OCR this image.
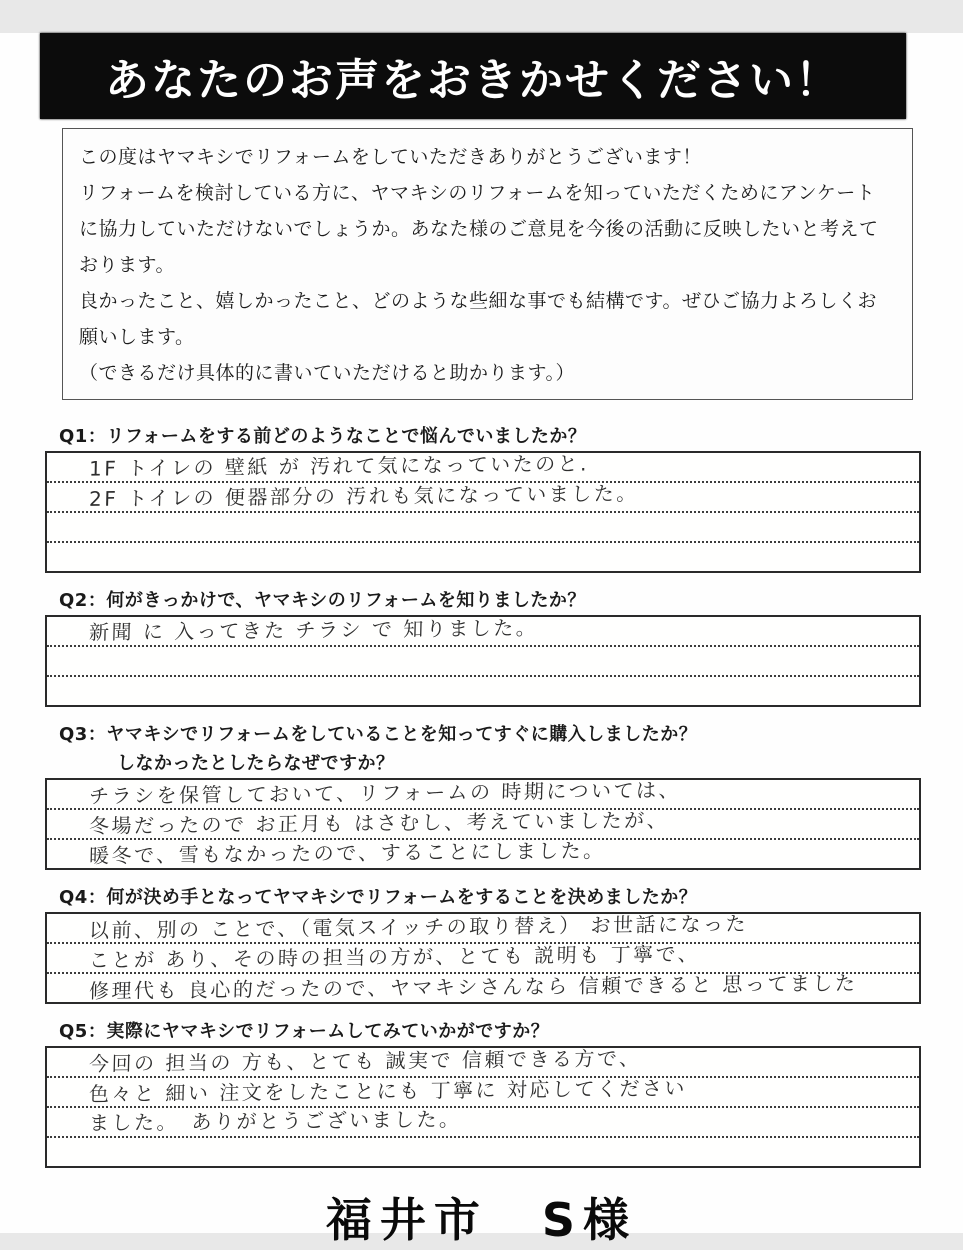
あなたのお声をおきかせください！

この度はヤマキシでリフォームをしていただきありがとうございます！

リフォームを検討している方に、ヤマキシのリフォームを知っていただくためにアンケートに協力していただけないでしょうか。あなた様のご意見を今後の活動に反映したいと考えております。

良かったこと、嬉しかったこと、どのような些細な事でも結構です。ぜひご協力よろしくお願いします。

（できるだけ具体的に書いていただけると助かります。）

Q1：リフォームをする前どのようなことで悩んでいましたか？
1F トイレの 壁紙 が 汚れて気になっていたのと.
2F トイレの 便器部分の 汚れも気になっていました。
Q2：何がきっかけで、ヤマキシのリフォームを知りましたか？
新聞 に 入ってきた チラシ で 知りました。
Q3：ヤマキシでリフォームをしていることを知ってすぐに購入しましたか？
しなかったとしたらなぜですか？
チラシを保管しておいて、リフォームの 時期については、
冬場だったので お正月も はさむし、考えていましたが、
暖冬で、雪もなかったので、することにしました。
Q4：何が決め手となってヤマキシでリフォームをすることを決めましたか？
以前、別の ことで、（電気スイッチの取り替え） お世話になった
ことが あり、その時の担当の方が、とても 説明も 丁寧で、
修理代も 良心的だったので、ヤマキシさんなら 信頼できると 思ってました
Q5：実際にヤマキシでリフォームしてみていかがですか？
今回の 担当の 方も、とても 誠実で 信頼できる方で、
色々と 細い 注文をしたことにも 丁寧に 対応してください
ました。　ありがとうございました。
福井市　S様
